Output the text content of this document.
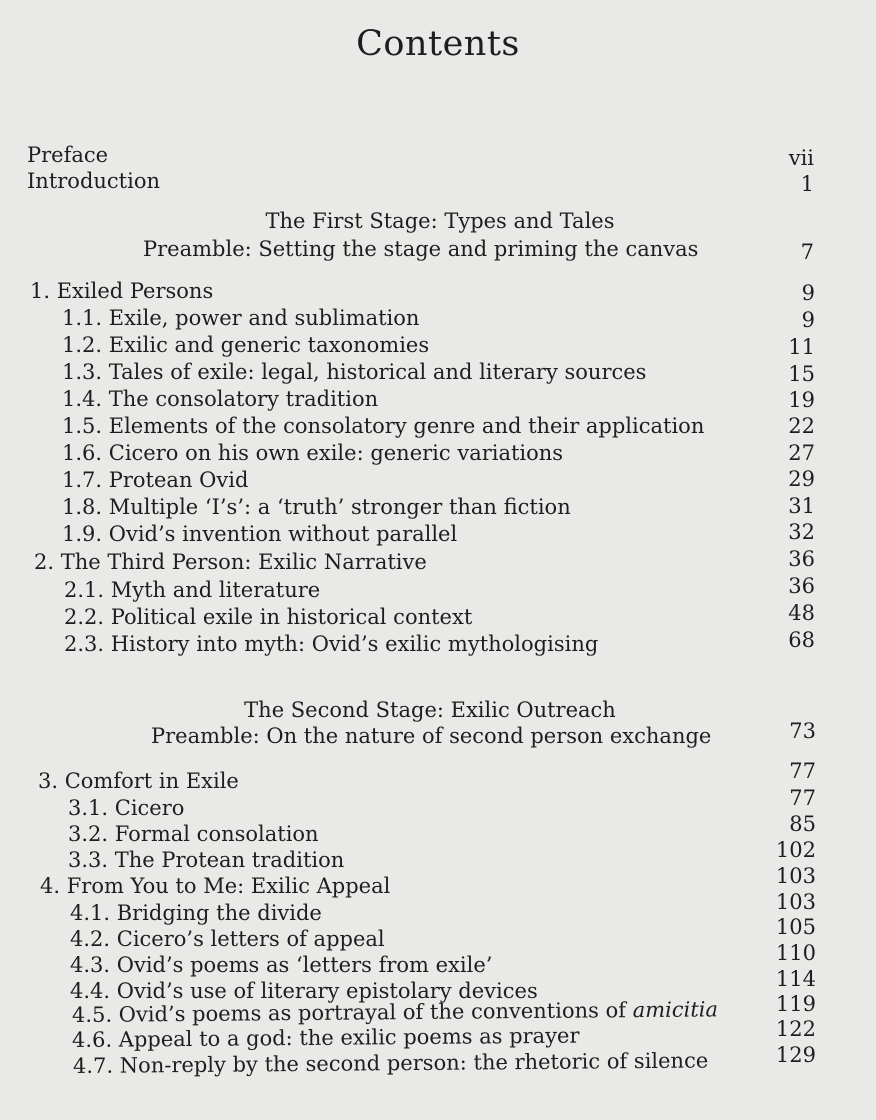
Contents
Preface	vii
Introduction	1
The First Stage: Types and Tales
Preamble: Setting the stage and priming the canvas	7
1. Exiled Persons	9
1.1. Exile, power and sublimation	9
1.2. Exilic and generic taxonomies	11
1.3. Tales of exile: legal, historical and literary sources	15
1.4. The consolatory tradition	19
1.5. Elements of the consolatory genre and their application	22
1.6. Cicero on his own exile: generic variations	27
1.7. Protean Ovid	29
1.8. Multiple ‘I’s’: a ‘truth’ stronger than fiction	31
1.9. Ovid’s invention without parallel	32
2. The Third Person: Exilic Narrative	36
2.1. Myth and literature	36
2.2. Political exile in historical context	48
2.3. History into myth: Ovid’s exilic mythologising	68
The Second Stage: Exilic Outreach
Preamble: On the nature of second person exchange	73
3. Comfort in Exile	77
3.1. Cicero	77
3.2. Formal consolation	85
3.3. The Protean tradition	102
4. From You to Me: Exilic Appeal	103
4.1. Bridging the divide	103
4.2. Cicero’s letters of appeal	105
4.3. Ovid’s poems as ‘letters from exile’	110
4.4. Ovid’s use of literary epistolary devices	114
4.5. Ovid’s poems as portrayal of the conventions of amicitia	119
4.6. Appeal to a god: the exilic poems as prayer	122
4.7. Non-reply by the second person: the rhetoric of silence	129
